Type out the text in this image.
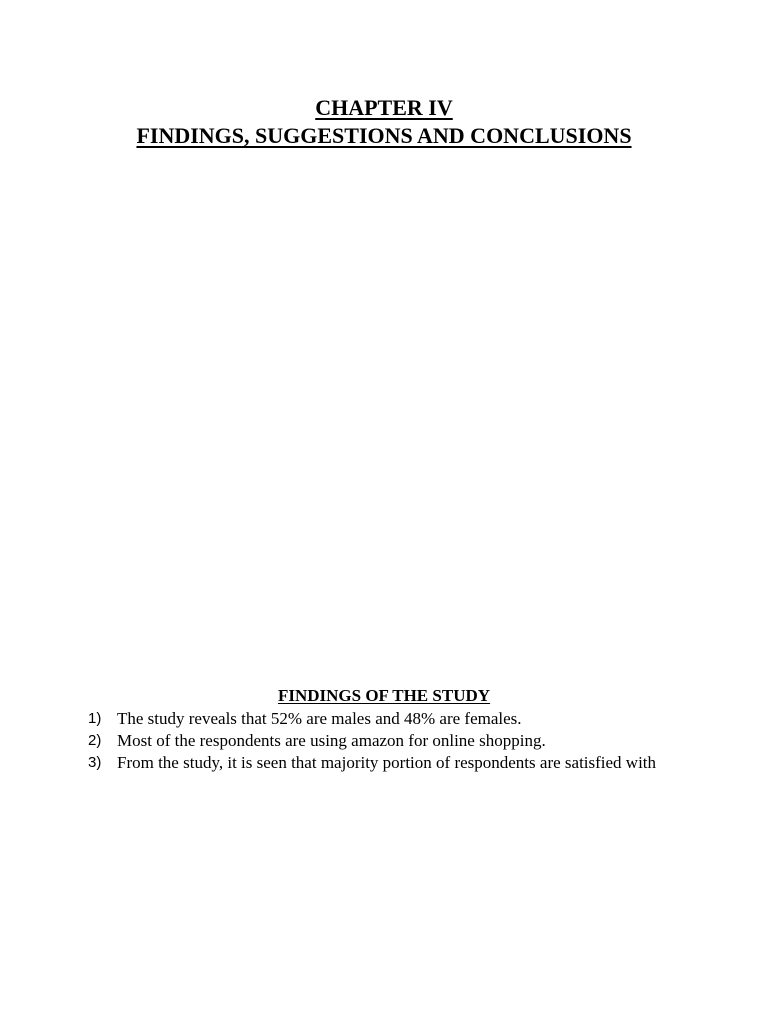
CHAPTER IV
FINDINGS, SUGGESTIONS AND CONCLUSIONS
FINDINGS OF THE STUDY
1) The study reveals that 52% are males and 48% are females.
2) Most of the respondents are using amazon for online shopping.
3) From the study, it is seen that majority portion of respondents are satisfied with
